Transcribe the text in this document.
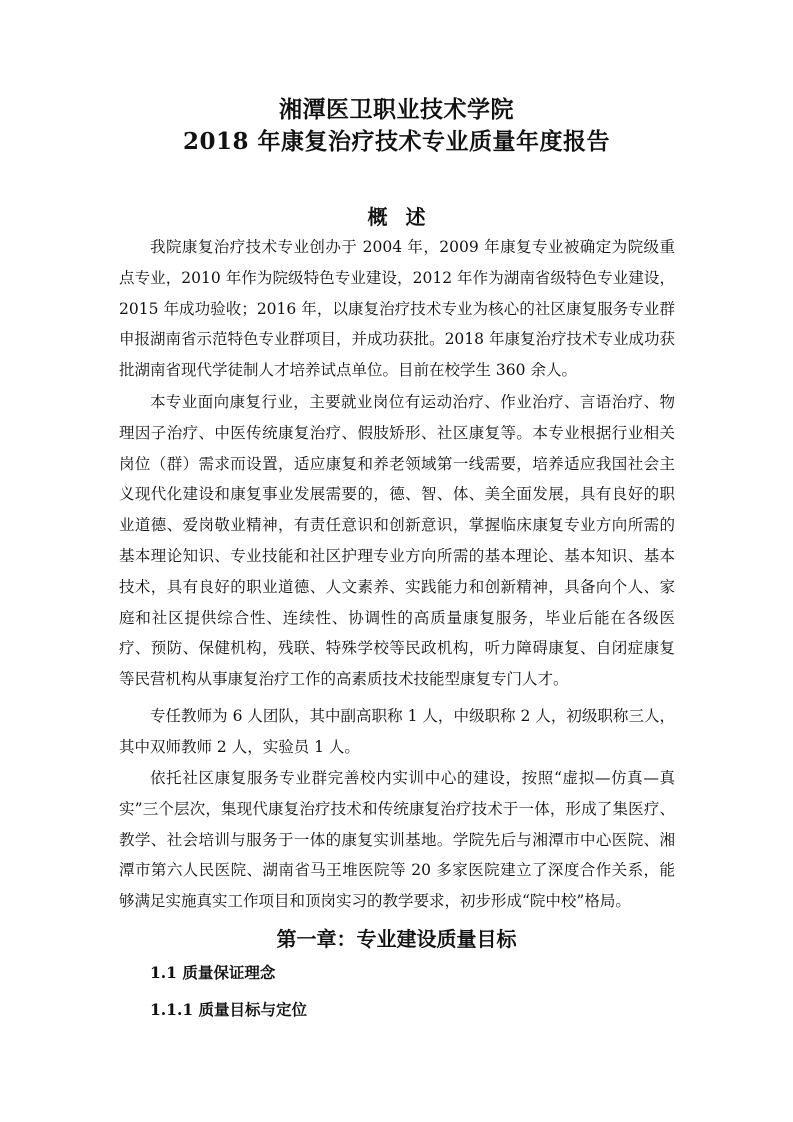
湘潭医卫职业技术学院
2018 年康复治疗技术专业质量年度报告
概述

我院康复治疗技术专业创办于 2004 年，2009 年康复专业被确定为院级重点专业，2010 年作为院级特色专业建设，2012 年作为湖南省级特色专业建设，2015 年成功验收；2016 年，以康复治疗技术专业为核心的社区康复服务专业群申报湖南省示范特色专业群项目，并成功获批。2018 年康复治疗技术专业成功获批湖南省现代学徒制人才培养试点单位。目前在校学生 360 余人。

本专业面向康复行业，主要就业岗位有运动治疗、作业治疗、言语治疗、物理因子治疗、中医传统康复治疗、假肢矫形、社区康复等。本专业根据行业相关岗位（群）需求而设置，适应康复和养老领域第一线需要，培养适应我国社会主义现代化建设和康复事业发展需要的，德、智、体、美全面发展，具有良好的职业道德、爱岗敬业精神，有责任意识和创新意识，掌握临床康复专业方向所需的基本理论知识、专业技能和社区护理专业方向所需的基本理论、基本知识、基本技术，具有良好的职业道德、人文素养、实践能力和创新精神，具备向个人、家庭和社区提供综合性、连续性、协调性的高质量康复服务，毕业后能在各级医疗、预防、保健机构，残联、特殊学校等民政机构，听力障碍康复、自闭症康复等民营机构从事康复治疗工作的高素质技术技能型康复专门人才。

专任教师为 6 人团队，其中副高职称 1 人，中级职称 2 人，初级职称三人，其中双师教师 2 人，实验员 1 人。

依托社区康复服务专业群完善校内实训中心的建设，按照“虚拟—仿真—真实”三个层次，集现代康复治疗技术和传统康复治疗技术于一体，形成了集医疗、教学、社会培训与服务于一体的康复实训基地。学院先后与湘潭市中心医院、湘潭市第六人民医院、湖南省马王堆医院等 20 多家医院建立了深度合作关系，能够满足实施真实工作项目和顶岗实习的教学要求，初步形成“院中校”格局。

第一章：专业建设质量目标
1.1 质量保证理念
1.1.1 质量目标与定位
